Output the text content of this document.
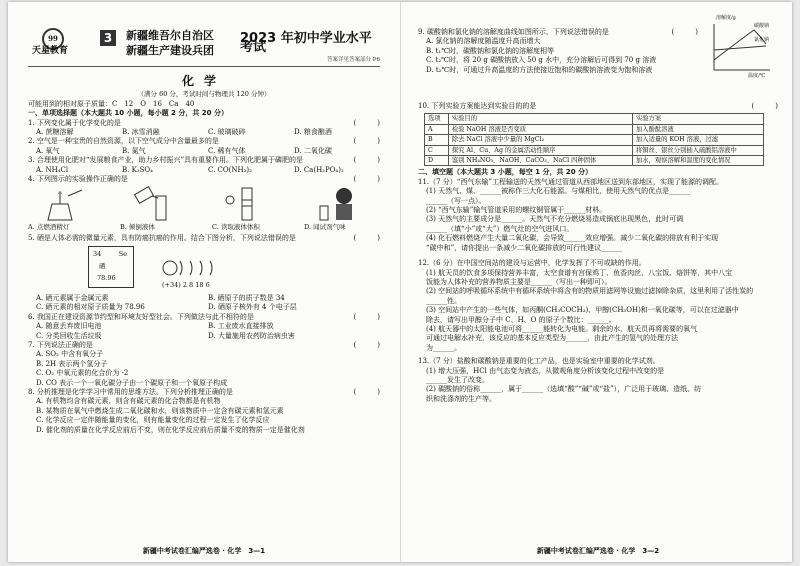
99
天星教育
3	新疆维吾尔自治区
新疆生产建设兵团
2023 年初中学业水平考试
答案详见答案部分 P6
化学
（满分 60 分，考试时间与物理共 120 分钟）
可能用到的相对原子质量：C　12　O　16　Ca　40
一、单项选择题（本大题共 10 小题，每小题 2 分，共 20 分）
(　　　)
1. 下列变化属于化学变化的是
A. 蔗糖溶解	B. 冰雪消融	C. 玻璃破碎	D. 粮食酿酒
(　　　)
2. 空气是一种宝贵的自然资源，以下空气成分中含量最多的是
A. 氧气	B. 氮气	C. 稀有气体	D. 二氧化碳
(　　　)
3. 合理使用化肥对“发展粮食产业，助力乡村振兴”具有重要作用。下列化肥属于磷肥的是
A. NH₄Cl	B. K₂SO₄	C. CO(NH₂)₂	D. Ca(H₂PO₄)₂
(　　　)
4. 下列图示的实验操作正确的是
A. 点燃酒精灯	B. 倾倒液体	C. 读取液体体积	D. 闻试剂气味
(　　　)
5. 硒是人体必需的微量元素，具有防癌抗癌的作用。结合下图分析，下列说法错误的是
34	Se
硒
78.96
(+34) 2 8 18 6
A. 硒元素属于金属元素	B. 硒原子的质子数是 34
C. 硒元素的相对原子质量为 78.96	D. 硒原子核外有 4 个电子层
(　　　)
6. 我国正在建设资源节约型和环境友好型社会。下列做法与此不相符的是
A. 随意丢弃废旧电池	B. 工业废水直接排放
C. 分类回收生活垃圾	D. 大量施用农药防治病虫害
(　　　)
7. 下列说法正确的是
A. SO₂ 中含有氧分子
B. 2H 表示两个氢分子
C. O₂ 中氧元素的化合价为 -2
D. CO 表示一个一氧化碳分子由一个碳原子和一个氧原子构成
(　　　)
8. 分析推理是化学学习中常用的思维方法。下列分析推理正确的是
A. 有机物均含有碳元素，则含有碳元素的化合物都是有机物
B. 某物质在氧气中燃烧生成二氧化碳和水，则该物质中一定含有碳元素和氢元素
C. 化学反应一定伴随能量的变化，则有能量变化的过程一定发生了化学反应
D. 催化剂的质量在化学反应前后不变，则在化学反应前后质量不变的物质一定是催化剂
新疆中考试卷汇编严选卷 · 化学　3—1
(　　　)
9. 碳酸钠和氯化钠的溶解度曲线如图所示，下列说法错误的是
A. 氯化钠的溶解度随温度升高而增大
B. t₁℃时，碳酸钠和氯化钠的溶解度相等
C. t₂℃时，将 20 g 碳酸钠放入 50 g 水中，充分溶解后可得到 70 g 溶液
D. t₂℃时，可通过升高温度的方法使接近饱和的碳酸钠溶液变为饱和溶液
溶解度/g
碳酸钠
氯化钠
温度/℃
(　　　)
10. 下列实验方案能达到实验目的的是
选项	实验目的	实验方案
A	检验 NaOH 溶液是否变质	加入酚酞溶液
B	除去 NaCl 溶液中少量的 MgCl₂	加入适量的 KOH 溶液，过滤
C	探究 Al、Cu、Ag 的金属活动性顺序	将铜丝、银丝分别插入硫酸铝溶液中
D	鉴别 NH₄NO₃、NaOH、CaCO₃、NaCl 四种固体	加水，观察溶解和温度的变化情况
二、填空题（本大题共 3 小题，每空 1 分，共 20 分）
11.（7 分）“西气东输”工程输送的天然气通过管道从西部地区送到东部地区，实现了能源的调配。
(1) 天然气、煤、______被称作三大化石能源。与煤相比，使用天然气的优点是______
______（写一点）。
(2) “西气东输”输气管道采用的螺纹钢管属于______材料。
(3) 天然气的主要成分是______。天然气不充分燃烧易造成锅底出现黑色，此时可调
______（填“小”或“大”）燃气灶的空气进风口。
(4) 化石燃料燃烧产生大量二氧化碳，会导致______效应增强。减少二氧化碳的排放有利于实现
“碳中和”，请你提出一条减少二氧化碳排放的可行性建议______
12.（6 分）在中国空间站的建设与运营中，化学发挥了不可或缺的作用。
(1) 航天员的饮食多项保持营养丰富，太空食谱有宫保鸡丁、鱼香肉丝、八宝饭、烙饼等，其中八宝
饭能为人体补充的营养物质主要是______（写出一种即可）。
(2) 空间站的呼吸循环系统中有循环系统中将含有的物质用滤网等设施过滤掉除杂质，这里利用了活性炭的
______性。
(3) 空间站中产生的一些气体，如丙酮(CH₃COCH₃)、甲醇(CH₃OH)和一氧化碳等，可以在过滤器中
除去，请写出甲醇分子中 C、H、O 的原子个数比：______。
(4) 航天器中的太阳能电池可将______能转化为电能。剩余的水，航天员再将需要的氧气
可通过电解水补充，该反应的基本反应类型为______，由此产生的氢气的处理方法
为______。
13.（7 分）盐酸和碳酸钠是重要的化工产品，也是实验室中重要的化学试剂。
(1) 增大压强，HCl 由气态变为液态，从微观角度分析该变化过程中改变的是
______发生了改变。
(2) 碳酸钠的俗称______，属于______（选填“酸”“碱”或“盐”），广泛用于玻璃、造纸、纺
织和洗涤剂的生产等。
新疆中考试卷汇编严选卷 · 化学　3—2
